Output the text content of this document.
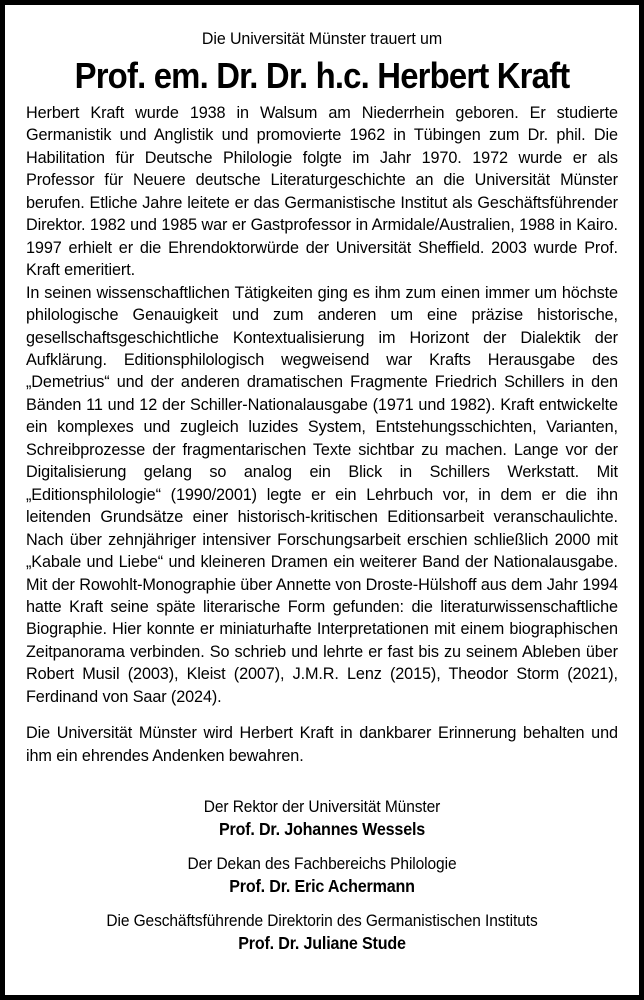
Die Universität Münster trauert um
Prof. em. Dr. Dr. h.c. Herbert Kraft

Herbert Kraft wurde 1938 in Walsum am Niederrhein geboren. Er studierte Germanistik und Anglistik und promovierte 1962 in Tübingen zum Dr. phil. Die Habilitation für Deutsche Philologie folgte im Jahr 1970. 1972 wurde er als Professor für Neuere deutsche Literaturgeschichte an die Universität Münster berufen. Etliche Jahre leitete er das Germanistische Institut als Geschäftsführender Direktor. 1982 und 1985 war er Gastprofessor in Armidale/Australien, 1988 in Kairo. 1997 erhielt er die Ehrendoktorwürde der Universität Sheffield. 2003 wurde Prof. Kraft emeritiert.

In seinen wissenschaftlichen Tätigkeiten ging es ihm zum einen immer um höchste philologische Genauigkeit und zum anderen um eine präzise historische, gesellschaftsgeschichtliche Kontextualisierung im Horizont der Dialektik der Aufklärung. Editionsphilologisch wegweisend war Krafts Herausgabe des „Demetrius“ und der anderen dramatischen Fragmente Friedrich Schillers in den Bänden 11 und 12 der Schiller-Nationalausgabe (1971 und 1982). Kraft entwickelte ein komplexes und zugleich luzides System, Entstehungsschichten, Varianten, Schreibprozesse der fragmentarischen Texte sichtbar zu machen. Lange vor der Digitalisierung gelang so analog ein Blick in Schillers Werkstatt. Mit „Editionsphilologie“ (1990/2001) legte er ein Lehrbuch vor, in dem er die ihn leitenden Grundsätze einer historisch-kritischen Editionsarbeit veranschaulichte. Nach über zehnjähriger intensiver Forschungsarbeit erschien schließlich 2000 mit „Kabale und Liebe“ und kleineren Dramen ein weiterer Band der Nationalausgabe. Mit der Rowohlt-Monographie über Annette von Droste-Hülshoff aus dem Jahr 1994 hatte Kraft seine späte literarische Form gefunden: die literaturwissenschaftliche Biographie. Hier konnte er miniaturhafte Interpretationen mit einem biographischen Zeitpanorama verbinden. So schrieb und lehrte er fast bis zu seinem Ableben über Robert Musil (2003), Kleist (2007), J.M.R. Lenz (2015), Theodor Storm (2021), Ferdinand von Saar (2024).

Die Universität Münster wird Herbert Kraft in dankbarer Erinnerung behalten und ihm ein ehrendes Andenken bewahren.

Der Rektor der Universität Münster
Prof. Dr. Johannes Wessels
Der Dekan des Fachbereichs Philologie
Prof. Dr. Eric Achermann
Die Geschäftsführende Direktorin des Germanistischen Instituts
Prof. Dr. Juliane Stude
